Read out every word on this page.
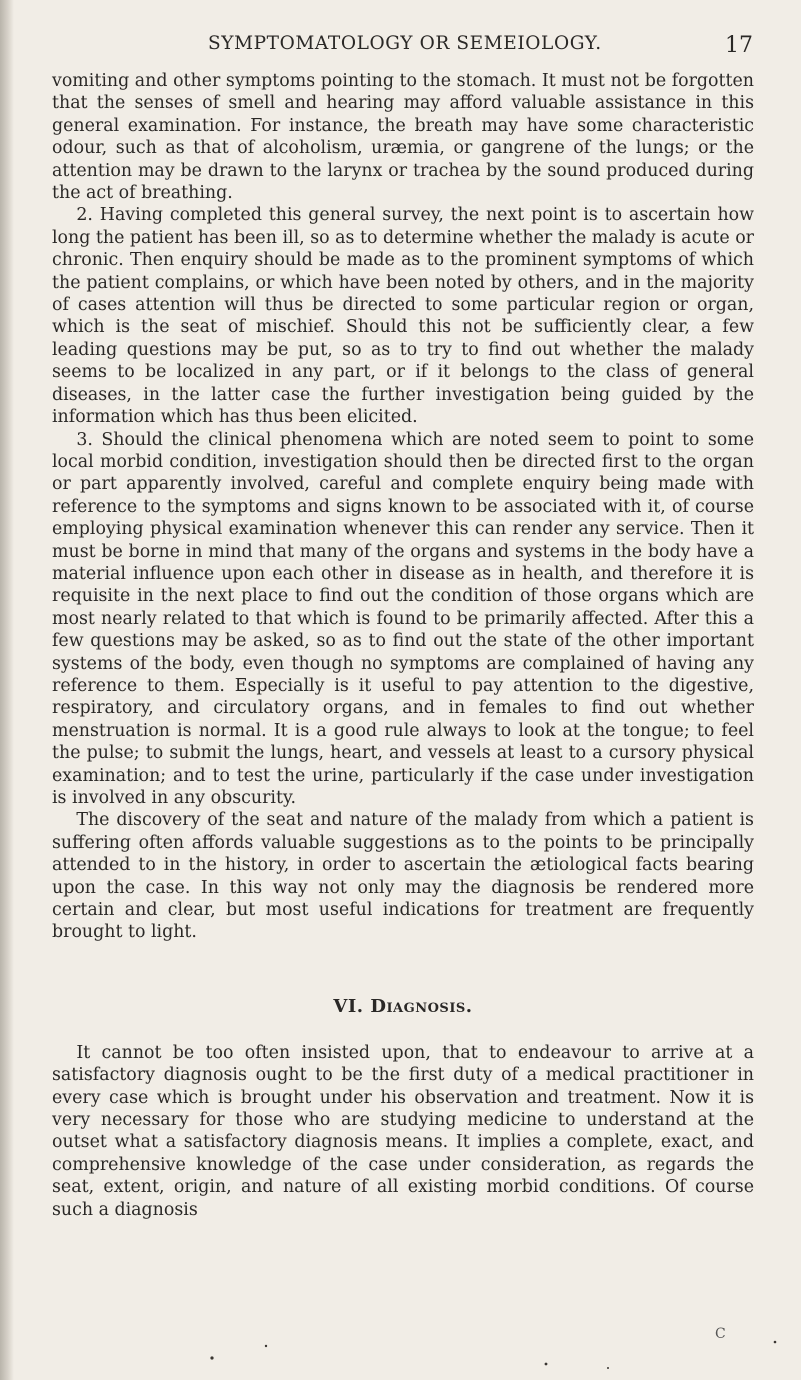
SYMPTOMATOLOGY OR SEMEIOLOGY.	17

vomiting and other symptoms pointing to the stomach. It must not be forgotten that the senses of smell and hearing may afford valuable assistance in this general examination. For instance, the breath may have some characteristic odour, such as that of alcoholism, uræmia, or gangrene of the lungs; or the attention may be drawn to the larynx or trachea by the sound produced during the act of breathing.

2. Having completed this general survey, the next point is to ascertain how long the patient has been ill, so as to determine whether the malady is acute or chronic. Then enquiry should be made as to the prominent symptoms of which the patient complains, or which have been noted by others, and in the majority of cases attention will thus be directed to some particular region or organ, which is the seat of mischief. Should this not be sufficiently clear, a few leading questions may be put, so as to try to find out whether the malady seems to be localized in any part, or if it belongs to the class of general diseases, in the latter case the further investigation being guided by the information which has thus been elicited.

3. Should the clinical phenomena which are noted seem to point to some local morbid condition, investigation should then be directed first to the organ or part apparently involved, careful and complete enquiry being made with reference to the symptoms and signs known to be associated with it, of course employing physical examination whenever this can render any service. Then it must be borne in mind that many of the organs and systems in the body have a material influence upon each other in disease as in health, and therefore it is requisite in the next place to find out the condition of those organs which are most nearly related to that which is found to be primarily affected. After this a few questions may be asked, so as to find out the state of the other important systems of the body, even though no symptoms are complained of having any reference to them. Especially is it useful to pay attention to the digestive, respiratory, and circulatory organs, and in females to find out whether menstruation is normal. It is a good rule always to look at the tongue; to feel the pulse; to submit the lungs, heart, and vessels at least to a cursory physical examination; and to test the urine, particularly if the case under investigation is involved in any obscurity.

The discovery of the seat and nature of the malady from which a patient is suffering often affords valuable suggestions as to the points to be principally attended to in the history, in order to ascertain the ætiological facts bearing upon the case. In this way not only may the diagnosis be rendered more certain and clear, but most useful indications for treatment are frequently brought to light.

VI. Diagnosis.

It cannot be too often insisted upon, that to endeavour to arrive at a satisfactory diagnosis ought to be the first duty of a medical practitioner in every case which is brought under his observation and treatment. Now it is very necessary for those who are studying medicine to understand at the outset what a satisfactory diagnosis means. It implies a complete, exact, and comprehensive knowledge of the case under consideration, as regards the seat, extent, origin, and nature of all existing morbid conditions. Of course such a diagnosis

C
